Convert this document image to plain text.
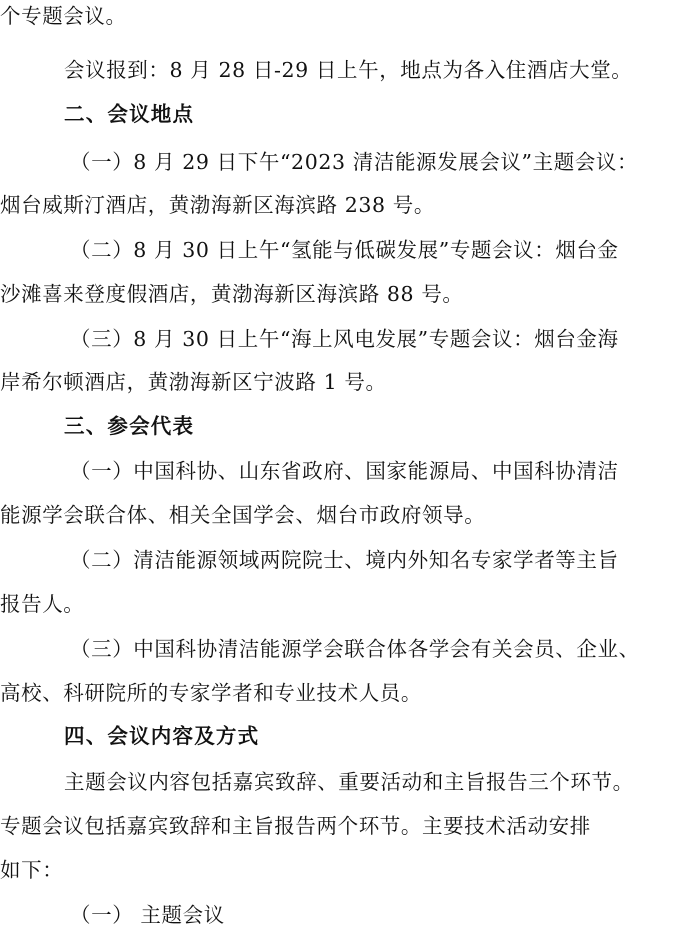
个专题会议。
会议报到：8 月 28 日-29 日上午，地点为各入住酒店大堂。
二、会议地点
（一）8 月 29 日下午“2023 清洁能源发展会议”主题会议：
烟台威斯汀酒店，黄渤海新区海滨路 238 号。
（二）8 月 30 日上午“氢能与低碳发展”专题会议：烟台金
沙滩喜来登度假酒店，黄渤海新区海滨路 88 号。
（三）8 月 30 日上午“海上风电发展”专题会议：烟台金海
岸希尔顿酒店，黄渤海新区宁波路 1 号。
三、参会代表
（一）中国科协、山东省政府、国家能源局、中国科协清洁
能源学会联合体、相关全国学会、烟台市政府领导。
（二）清洁能源领域两院院士、境内外知名专家学者等主旨
报告人。
（三）中国科协清洁能源学会联合体各学会有关会员、企业、
高校、科研院所的专家学者和专业技术人员。
四、会议内容及方式
主题会议内容包括嘉宾致辞、重要活动和主旨报告三个环节。
专题会议包括嘉宾致辞和主旨报告两个环节。主要技术活动安排
如下：
（一） 主题会议
